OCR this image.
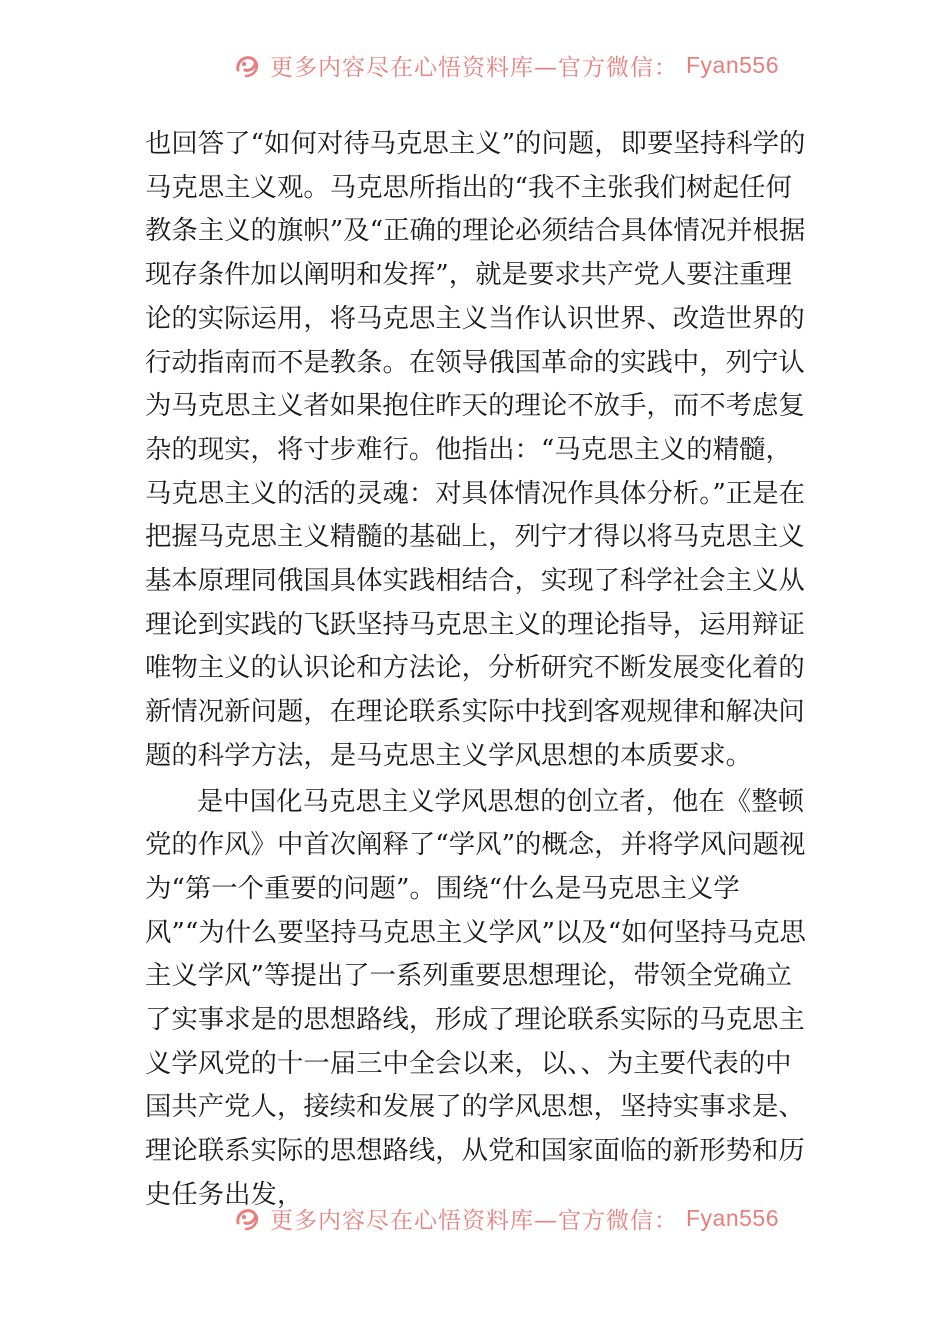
更多内容尽在心悟资料库—官方微信： Fyan556

也回答了“如何对待马克思主义”的问题，即要坚持科学的马克思主义观。马克思所指出的“我不主张我们树起任何教条主义的旗帜”及“正确的理论必须结合具体情况并根据现存条件加以阐明和发挥”，就是要求共产党人要注重理论的实际运用，将马克思主义当作认识世界、改造世界的行动指南而不是教条。在领导俄国革命的实践中，列宁认为马克思主义者如果抱住昨天的理论不放手，而不考虑复杂的现实，将寸步难行。他指出：“马克思主义的精髓，马克思主义的活的灵魂：对具体情况作具体分析。”正是在把握马克思主义精髓的基础上，列宁才得以将马克思主义基本原理同俄国具体实践相结合，实现了科学社会主义从理论到实践的飞跃坚持马克思主义的理论指导，运用辩证唯物主义的认识论和方法论，分析研究不断发展变化着的新情况新问题，在理论联系实际中找到客观规律和解决问题的科学方法，是马克思主义学风思想的本质要求。

是中国化马克思主义学风思想的创立者，他在《整顿党的作风》中首次阐释了“学风”的概念，并将学风问题视为“第一个重要的问题”。围绕“什么是马克思主义学风”“为什么要坚持马克思主义学风”以及“如何坚持马克思主义学风”等提出了一系列重要思想理论，带领全党确立了实事求是的思想路线，形成了理论联系实际的马克思主义学风党的十一届三中全会以来，以、、为主要代表的中国共产党人，接续和发展了的学风思想，坚持实事求是、理论联系实际的思想路线，从党和国家面临的新形势和历史任务出发，

更多内容尽在心悟资料库—官方微信： Fyan556
